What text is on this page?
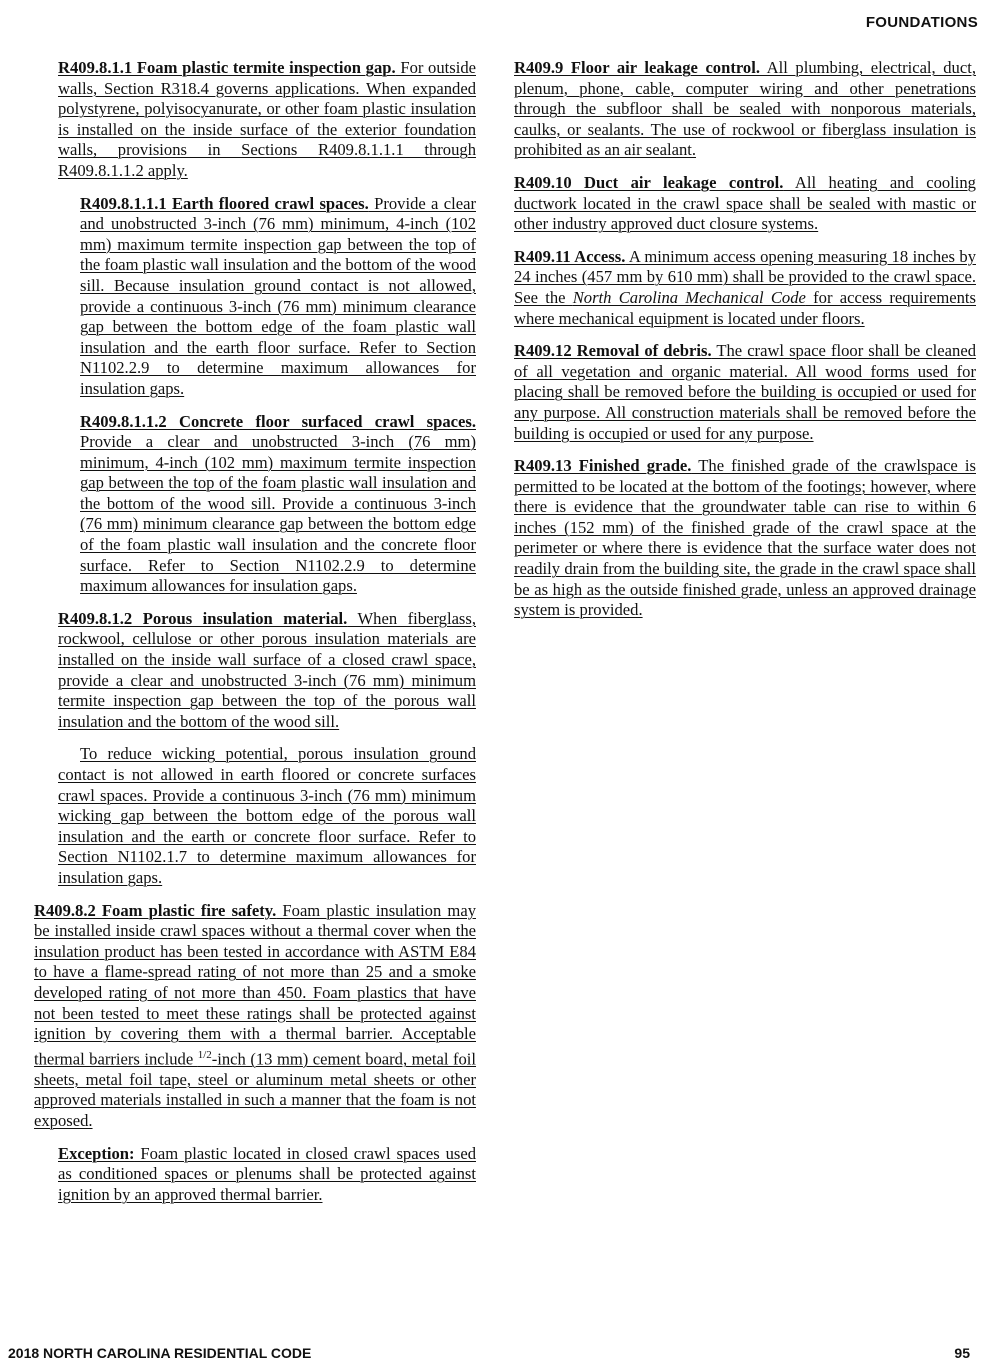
FOUNDATIONS

R409.8.1.1 Foam plastic termite inspection gap. For outside walls, Section R318.4 governs applications. When expanded polystyrene, polyisocyanurate, or other foam plastic insulation is installed on the inside surface of the exterior foundation walls, provisions in Sections R409.8.1.1.1 through R409.8.1.1.2 apply.

R409.8.1.1.1 Earth floored crawl spaces. Provide a clear and unobstructed 3-inch (76 mm) minimum, 4-inch (102 mm) maximum termite inspection gap between the top of the foam plastic wall insulation and the bottom of the wood sill. Because insulation ground contact is not allowed, provide a continuous 3-inch (76 mm) minimum clearance gap between the bottom edge of the foam plastic wall insulation and the earth floor surface. Refer to Section N1102.2.9 to determine maximum allowances for insulation gaps.

R409.8.1.1.2 Concrete floor surfaced crawl spaces. Provide a clear and unobstructed 3-inch (76 mm) minimum, 4-inch (102 mm) maximum termite inspection gap between the top of the foam plastic wall insulation and the bottom of the wood sill. Provide a continuous 3-inch (76 mm) minimum clearance gap between the bottom edge of the foam plastic wall insulation and the concrete floor surface. Refer to Section N1102.2.9 to determine maximum allowances for insulation gaps.

R409.8.1.2 Porous insulation material. When fiberglass, rockwool, cellulose or other porous insulation materials are installed on the inside wall surface of a closed crawl space, provide a clear and unobstructed 3-inch (76 mm) minimum termite inspection gap between the top of the porous wall insulation and the bottom of the wood sill.

To reduce wicking potential, porous insulation ground contact is not allowed in earth floored or concrete surfaces crawl spaces. Provide a continuous 3-inch (76 mm) minimum wicking gap between the bottom edge of the porous wall insulation and the earth or concrete floor surface. Refer to Section N1102.1.7 to determine maximum allowances for insulation gaps.

R409.8.2 Foam plastic fire safety. Foam plastic insulation may be installed inside crawl spaces without a thermal cover when the insulation product has been tested in accordance with ASTM E84 to have a flame-spread rating of not more than 25 and a smoke developed rating of not more than 450. Foam plastics that have not been tested to meet these ratings shall be protected against ignition by covering them with a thermal barrier. Acceptable thermal barriers include $^{1/2}$-inch (13 mm) cement board, metal foil sheets, metal foil tape, steel or aluminum metal sheets or other approved materials installed in such a manner that the foam is not exposed.

Exception: Foam plastic located in closed crawl spaces used as conditioned spaces or plenums shall be protected against ignition by an approved thermal barrier.

R409.9 Floor air leakage control. All plumbing, electrical, duct, plenum, phone, cable, computer wiring and other penetrations through the subfloor shall be sealed with nonporous materials, caulks, or sealants. The use of rockwool or fiberglass insulation is prohibited as an air sealant.

R409.10 Duct air leakage control. All heating and cooling ductwork located in the crawl space shall be sealed with mastic or other industry approved duct closure systems.

R409.11 Access. A minimum access opening measuring 18 inches by 24 inches (457 mm by 610 mm) shall be provided to the crawl space. See the North Carolina Mechanical Code for access requirements where mechanical equipment is located under floors.

R409.12 Removal of debris. The crawl space floor shall be cleaned of all vegetation and organic material. All wood forms used for placing shall be removed before the building is occupied or used for any purpose. All construction materials shall be removed before the building is occupied or used for any purpose.

R409.13 Finished grade. The finished grade of the crawlspace is permitted to be located at the bottom of the footings; however, where there is evidence that the groundwater table can rise to within 6 inches (152 mm) of the finished grade of the crawl space at the perimeter or where there is evidence that the surface water does not readily drain from the building site, the grade in the crawl space shall be as high as the outside finished grade, unless an approved drainage system is provided.

2018 NORTH CAROLINA RESIDENTIAL CODE	95
